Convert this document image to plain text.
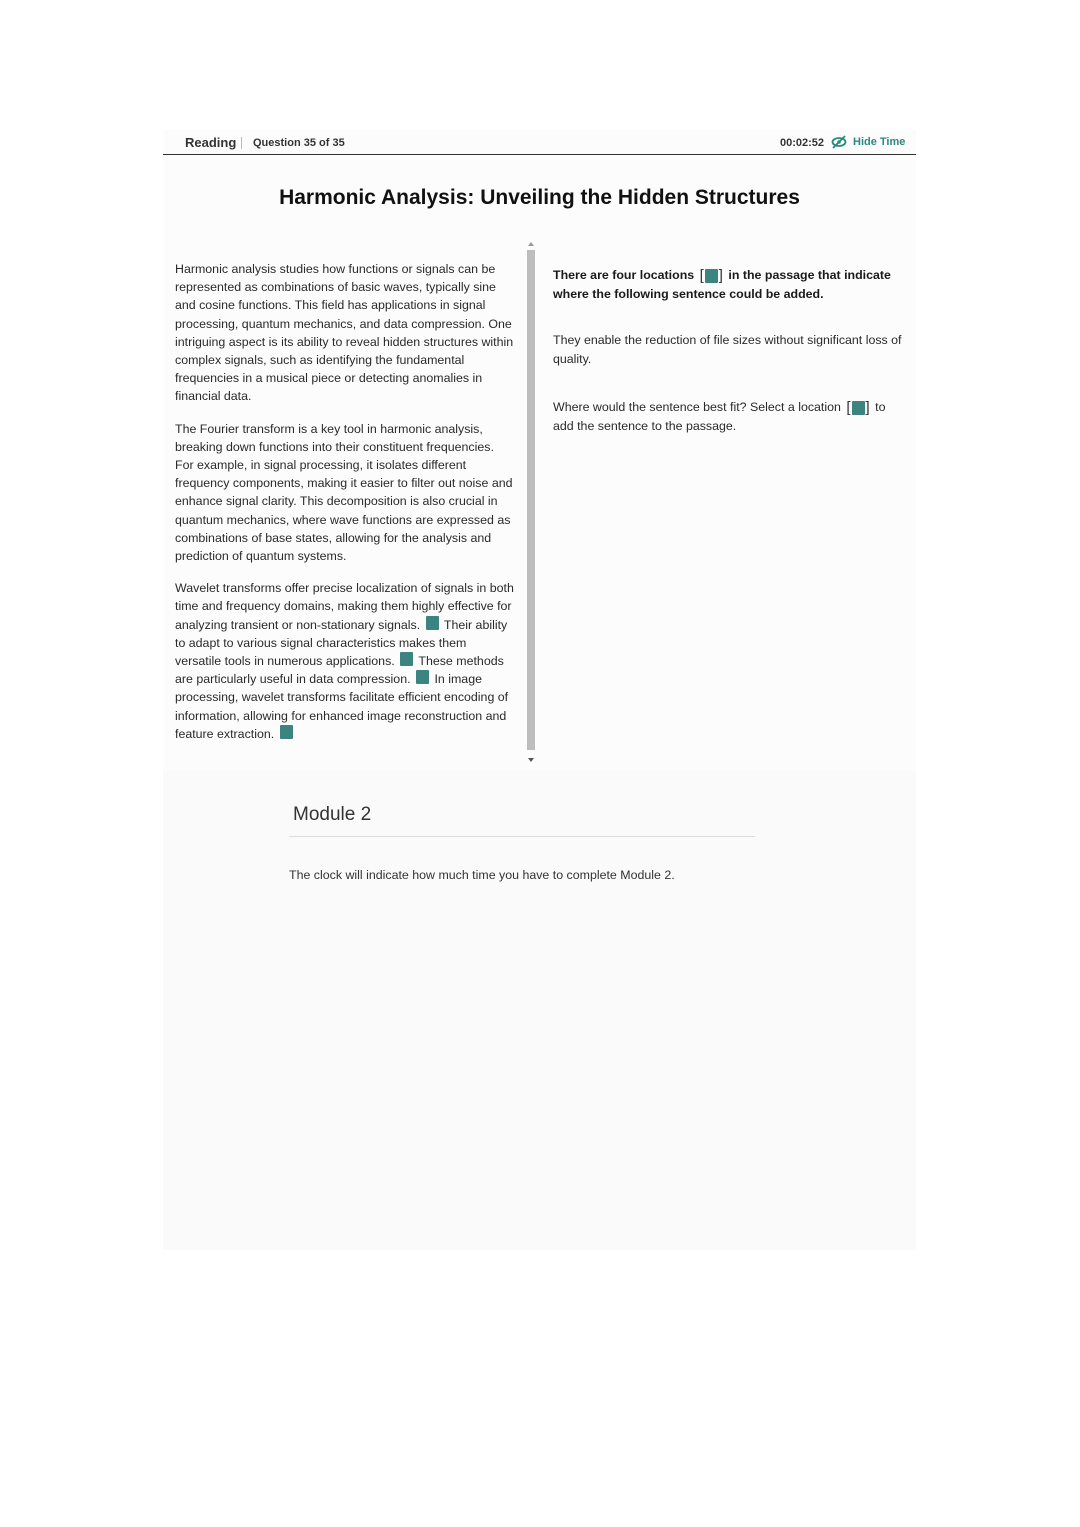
Reading Question 35 of 35	00:02:52	Hide Time
Harmonic Analysis: Unveiling the Hidden Structures

Harmonic analysis studies how functions or signals can be represented as combinations of basic waves, typically sine and cosine functions. This field has applications in signal processing, quantum mechanics, and data compression. One intriguing aspect is its ability to reveal hidden structures within complex signals, such as identifying the fundamental frequencies in a musical piece or detecting anomalies in financial data.

The Fourier transform is a key tool in harmonic analysis, breaking down functions into their constituent frequencies. For example, in signal processing, it isolates different frequency components, making it easier to filter out noise and enhance signal clarity. This decomposition is also crucial in quantum mechanics, where wave functions are expressed as combinations of base states, allowing for the analysis and prediction of quantum systems.

Wavelet transforms offer precise localization of signals in both time and frequency domains, making them highly effective for analyzing transient or non-stationary signals. Their ability to adapt to various signal characteristics makes them versatile tools in numerous applications. These methods are particularly useful in data compression. In image processing, wavelet transforms facilitate efficient encoding of information, allowing for enhanced image reconstruction and feature extraction.

There are four locations [ ] in the passage that indicate where the following sentence could be added.

They enable the reduction of file sizes without significant loss of quality.

Where would the sentence best fit? Select a location [ ] to add the sentence to the passage.

Module 2
The clock will indicate how much time you have to complete Module 2.
